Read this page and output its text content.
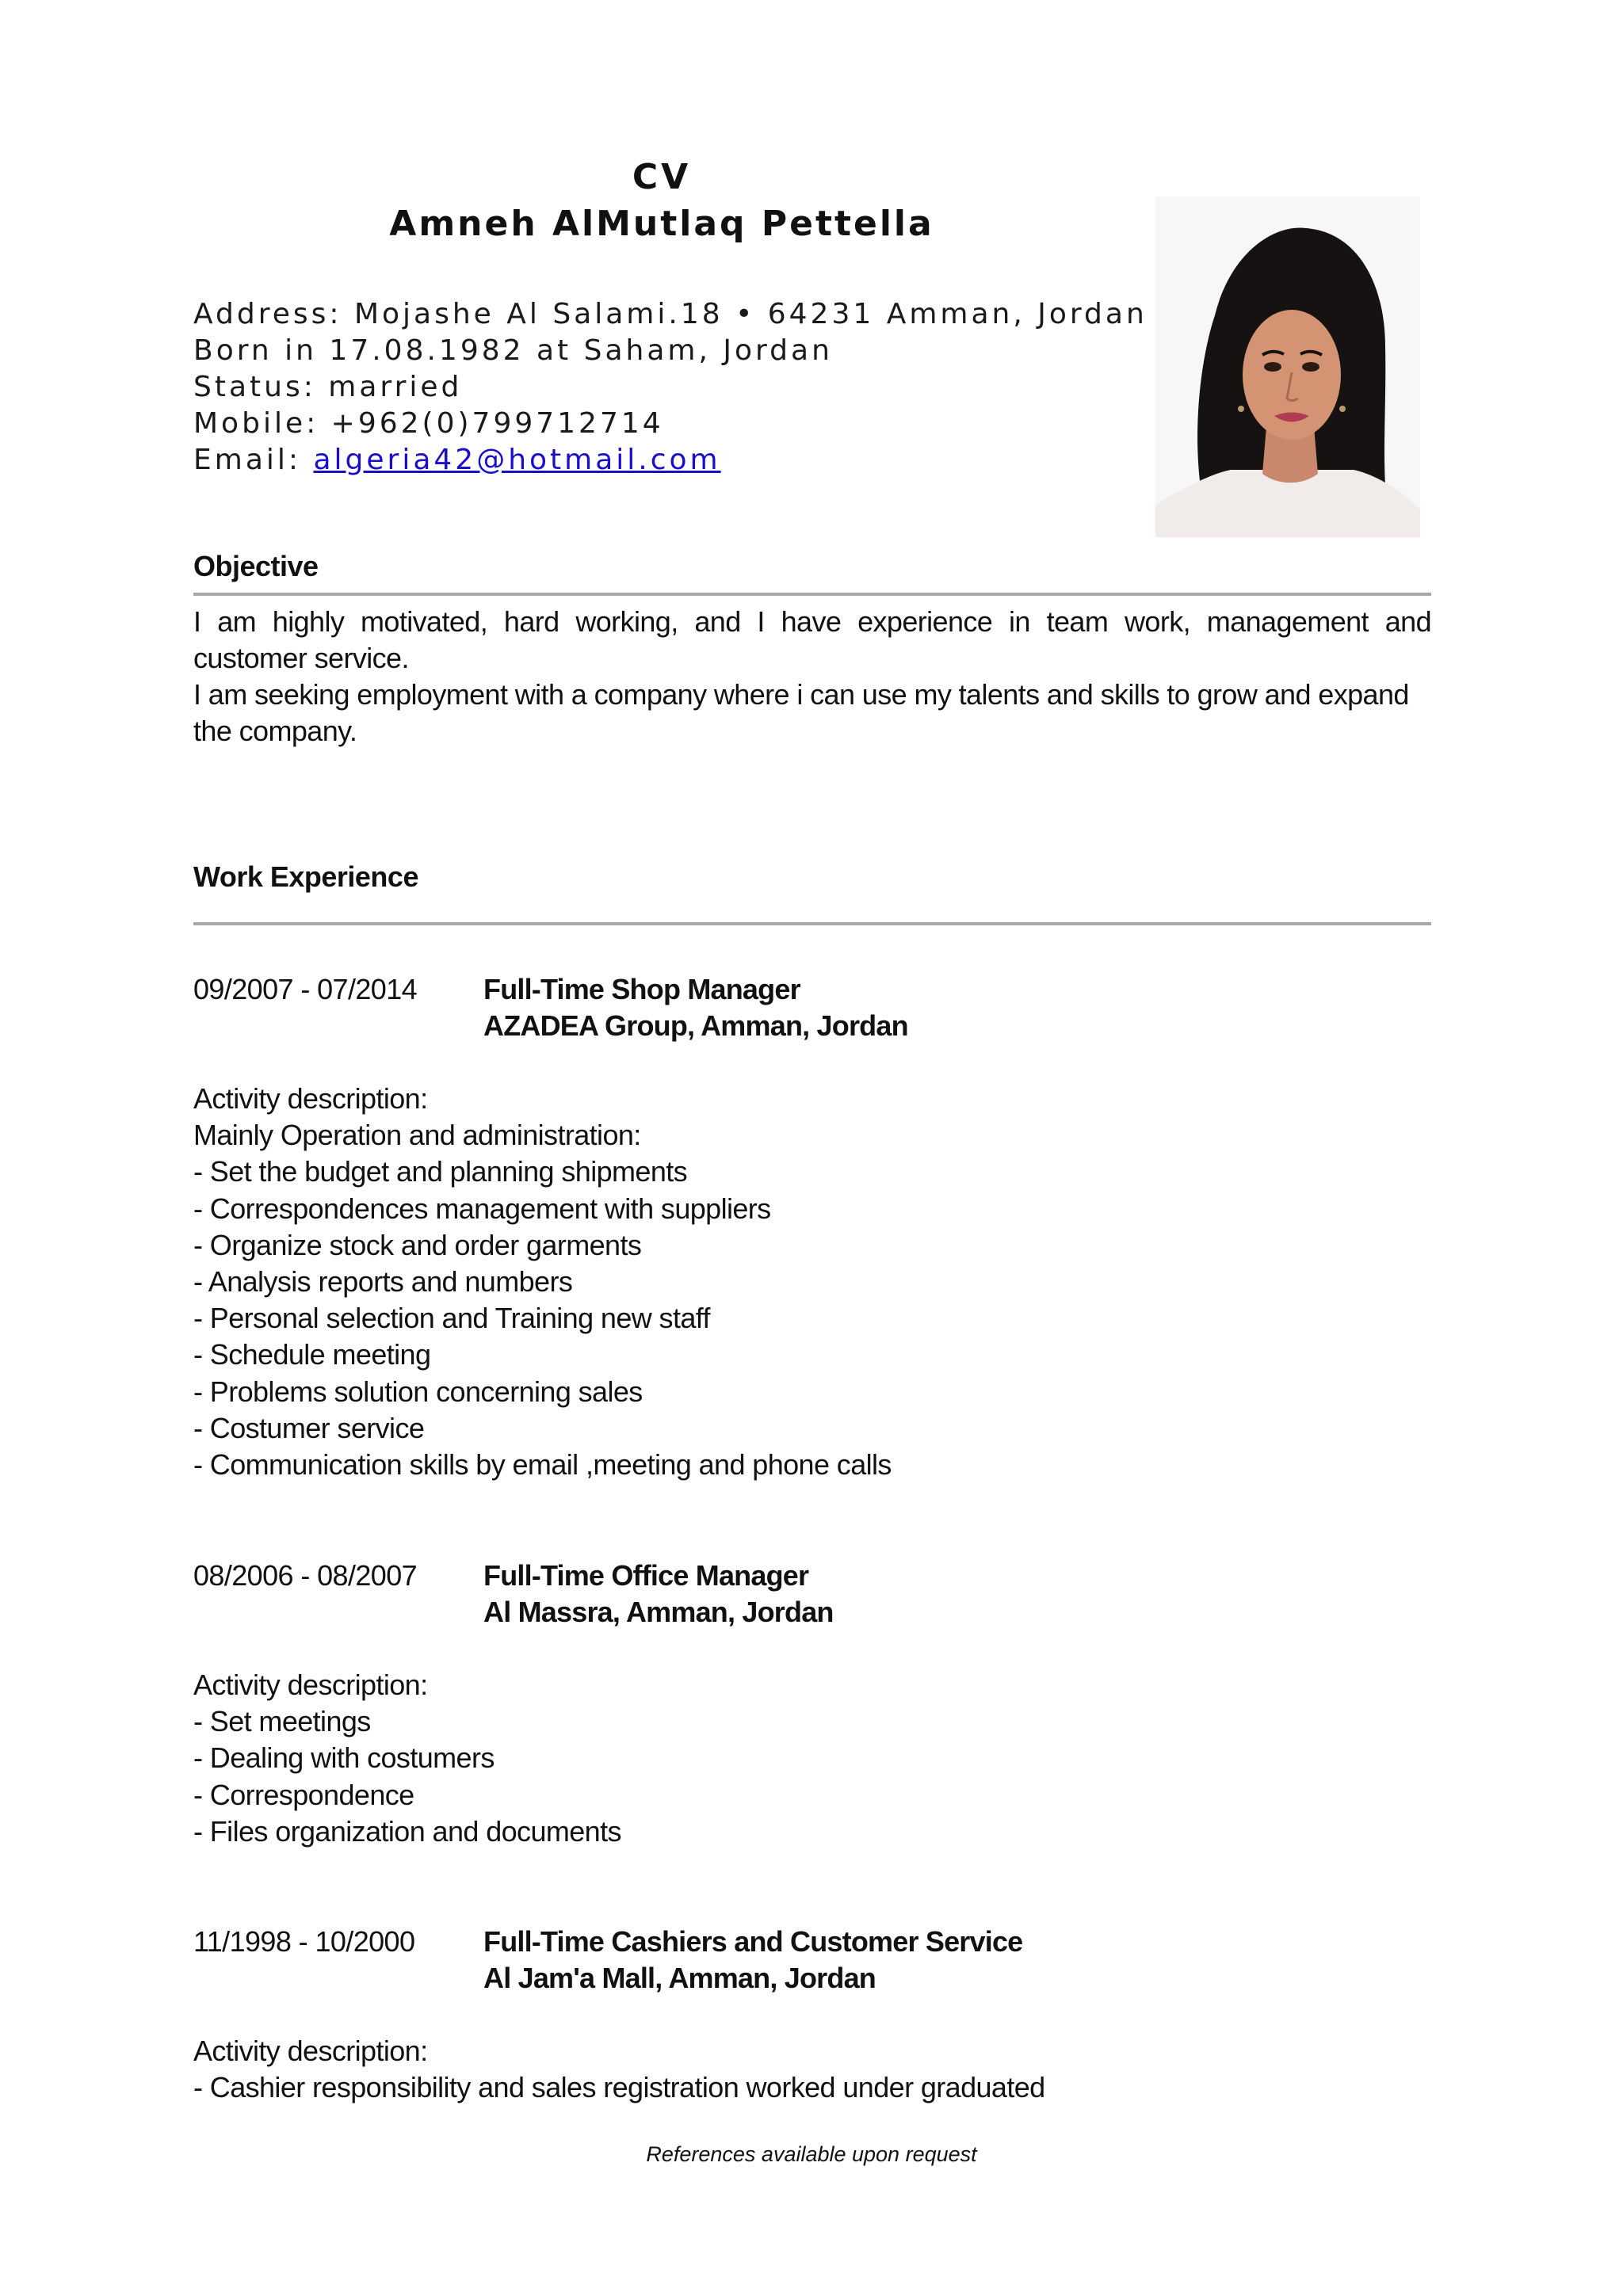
CV
Amneh AlMutlaq Pettella
Address: Mojashe Al Salami.18 • 64231 Amman, Jordan
Born in 17.08.1982 at Saham, Jordan
Status: married
Mobile: +962(0)799712714
Email: algeria42@hotmail.com
Objective
I am highly motivated, hard working, and I have experience in team work, management and
customer service.
I am seeking employment with a company where i can use my talents and skills to grow and expand
the company.
Work Experience
09/2007 - 07/2014 Full-Time Shop Manager
AZADEA Group, Amman, Jordan
Activity description:
Mainly Operation and administration:
- Set the budget and planning shipments
- Correspondences management with suppliers
- Organize stock and order garments
- Analysis reports and numbers
- Personal selection and Training new staff
- Schedule meeting
- Problems solution concerning sales
- Costumer service
- Communication skills by email ,meeting and phone calls
08/2006 - 08/2007 Full-Time Office Manager
Al Massra, Amman, Jordan
Activity description:
- Set meetings
- Dealing with costumers
- Correspondence
- Files organization and documents
11/1998 - 10/2000 Full-Time Cashiers and Customer Service
Al Jam'a Mall, Amman, Jordan
Activity description:
- Cashier responsibility and sales registration worked under graduated
References available upon request
